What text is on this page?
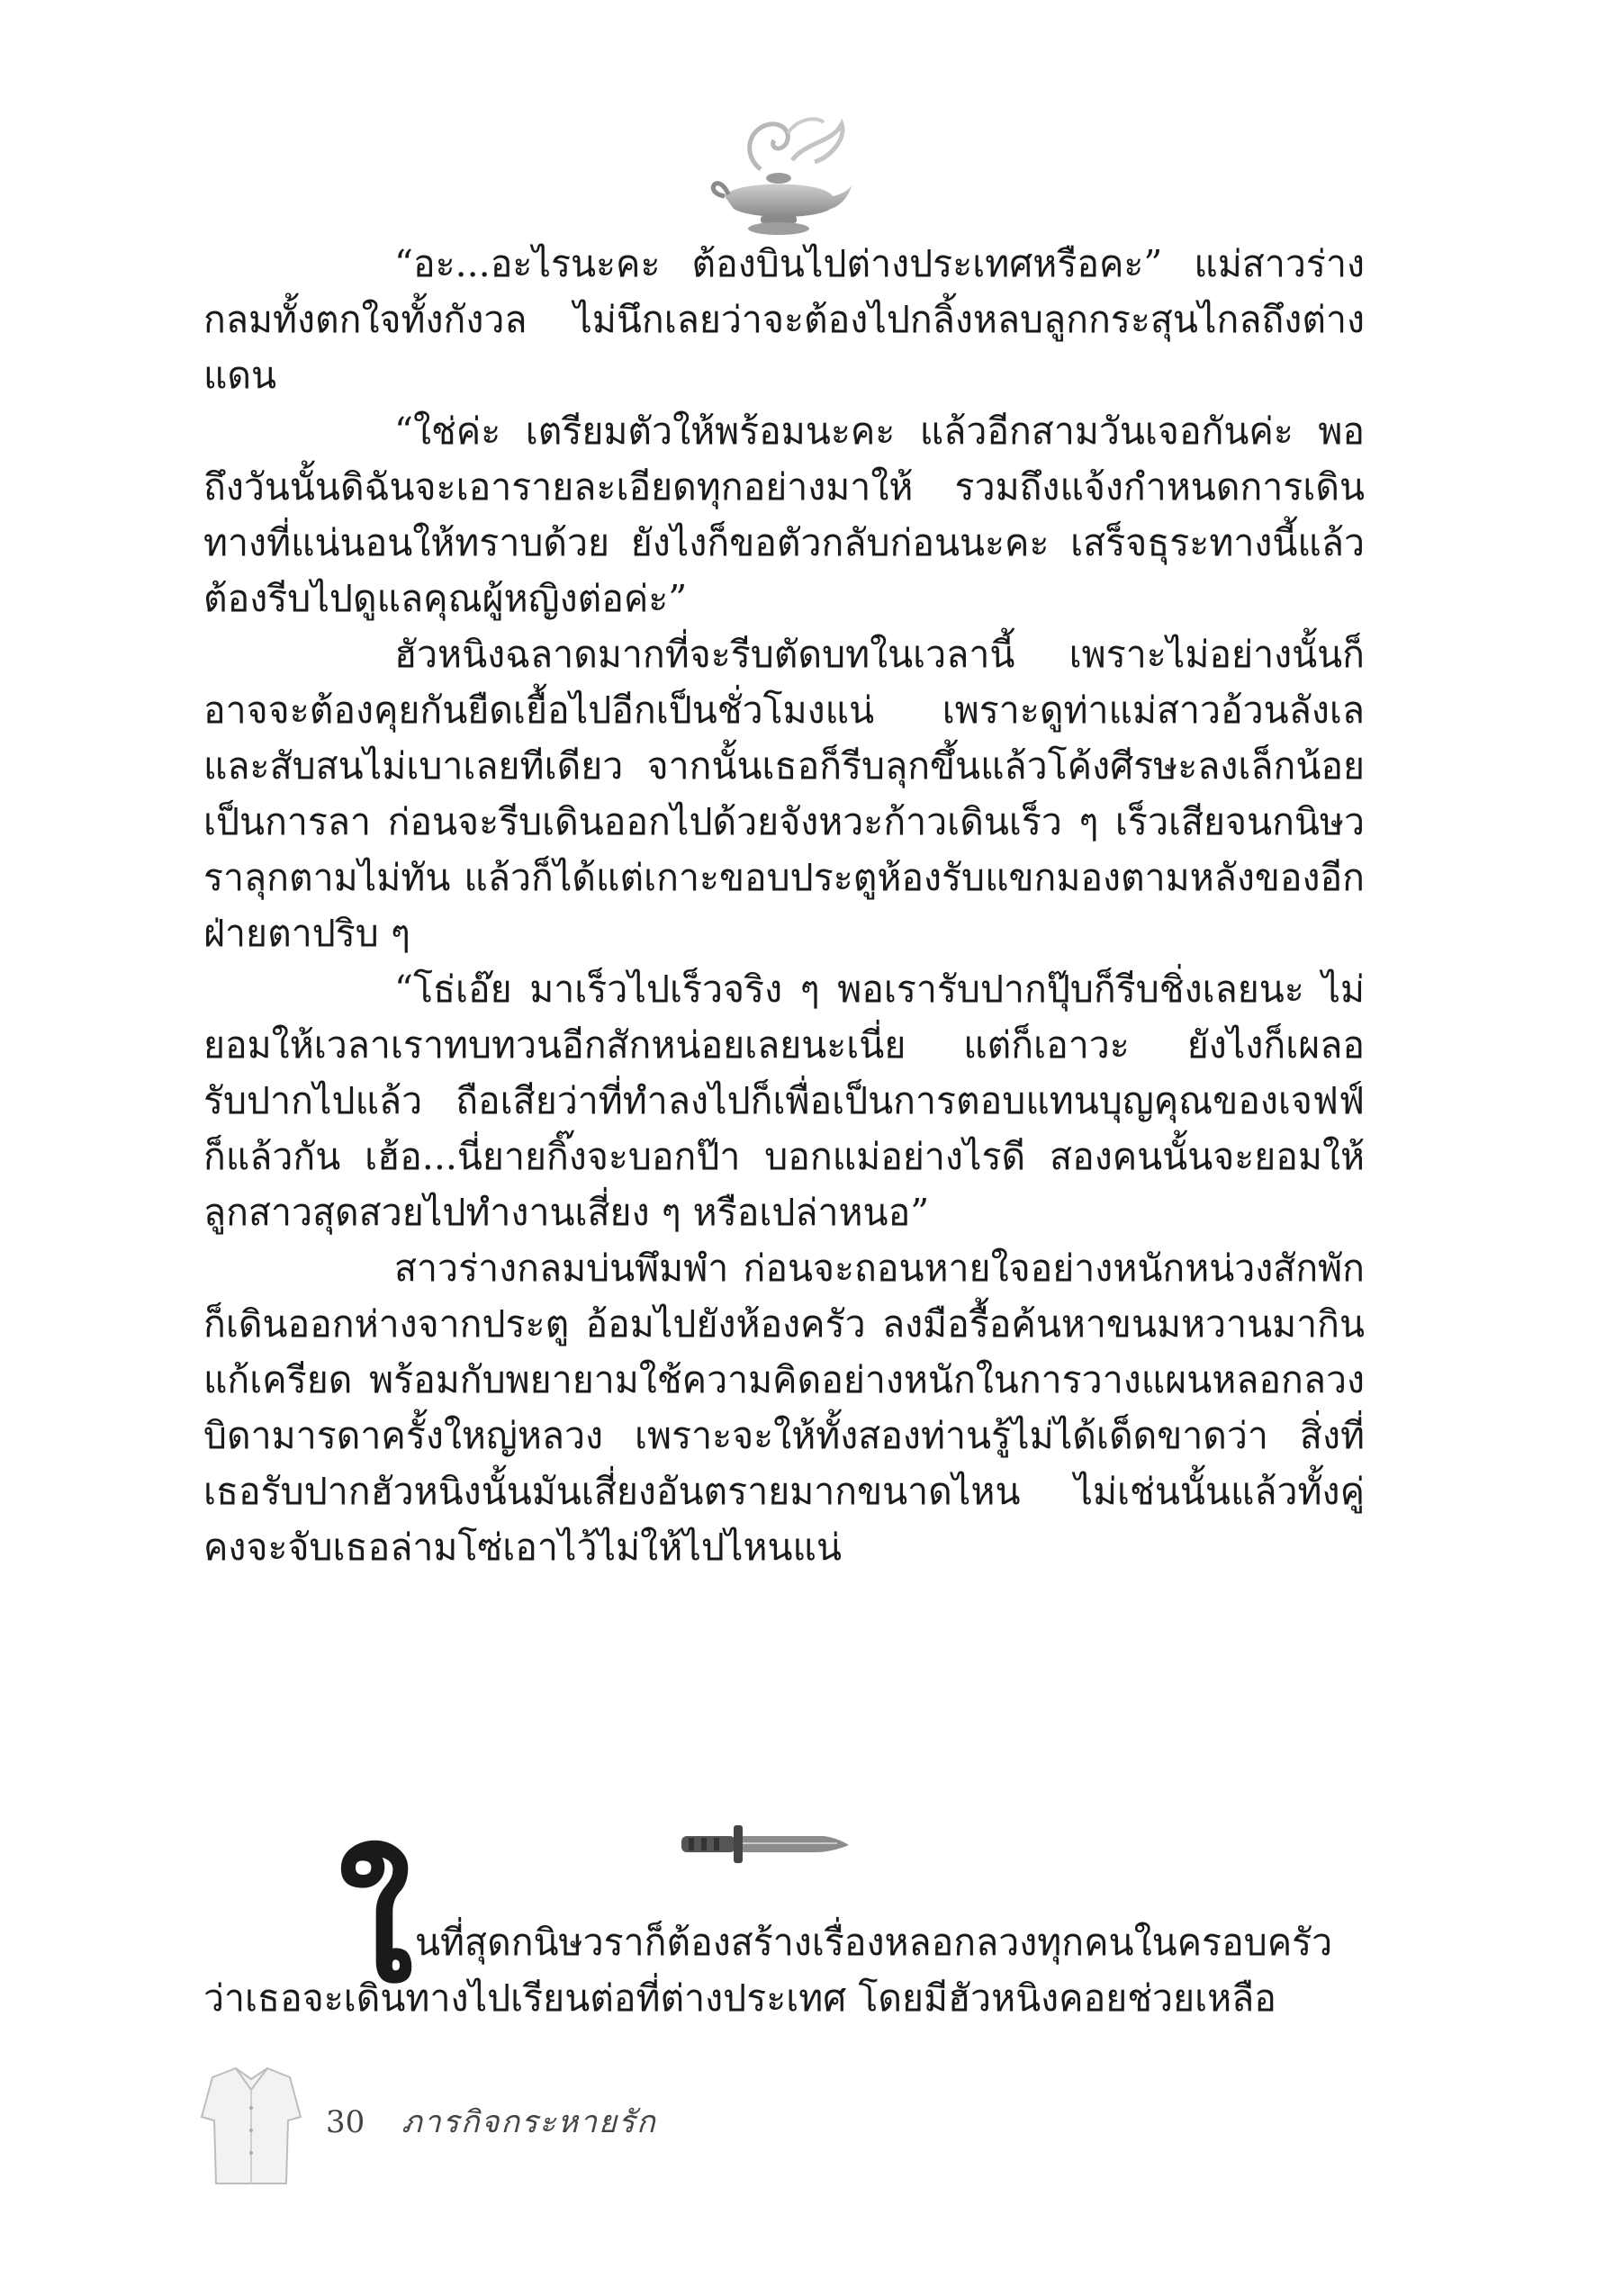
“อะ...อะไรนะคะ ต้องบินไปต่างประเทศหรือคะ” แม่สาวร่างกลมทั้งตกใจทั้งกังวล ไม่นึกเลยว่าจะต้องไปกลิ้งหลบลูกกระสุนไกลถึงต่างแดน

“ใช่ค่ะ เตรียมตัวให้พร้อมนะคะ แล้วอีกสามวันเจอกันค่ะ พอถึงวันนั้นดิฉันจะเอารายละเอียดทุกอย่างมาให้ รวมถึงแจ้งกำหนดการเดินทางที่แน่นอนให้ทราบด้วย ยังไงก็ขอตัวกลับก่อนนะคะ เสร็จธุระทางนี้แล้ว ต้องรีบไปดูแลคุณผู้หญิงต่อค่ะ”

ฮัวหนิงฉลาดมากที่จะรีบตัดบทในเวลานี้ เพราะไม่อย่างนั้นก็อาจจะต้องคุยกันยืดเยื้อไปอีกเป็นชั่วโมงแน่ เพราะดูท่าแม่สาวอ้วนลังเลและสับสนไม่เบาเลยทีเดียว จากนั้นเธอก็รีบลุกขึ้นแล้วโค้งศีรษะลงเล็กน้อยเป็นการลา ก่อนจะรีบเดินออกไปด้วยจังหวะก้าวเดินเร็ว ๆ เร็วเสียจนกนิษวราลุกตามไม่ทัน แล้วก็ได้แต่เกาะขอบประตูห้องรับแขกมองตามหลังของอีกฝ่ายตาปริบ ๆ

“โธ่เอ๊ย มาเร็วไปเร็วจริง ๆ พอเรารับปากปุ๊บก็รีบชิ่งเลยนะ ไม่ยอมให้เวลาเราทบทวนอีกสักหน่อยเลยนะเนี่ย แต่ก็เอาวะ ยังไงก็เผลอรับปากไปแล้ว ถือเสียว่าที่ทำลงไปก็เพื่อเป็นการตอบแทนบุญคุณของเจฟฟ์ก็แล้วกัน เฮ้อ...นี่ยายกิ๊งจะบอกป๊า บอกแม่อย่างไรดี สองคนนั้นจะยอมให้ลูกสาวสุดสวยไปทำงานเสี่ยง ๆ หรือเปล่าหนอ”

สาวร่างกลมบ่นพึมพำ ก่อนจะถอนหายใจอย่างหนักหน่วงสักพักก็เดินออกห่างจากประตู อ้อมไปยังห้องครัว ลงมือรื้อค้นหาขนมหวานมากินแก้เครียด พร้อมกับพยายามใช้ความคิดอย่างหนักในการวางแผนหลอกลวงบิดามารดาครั้งใหญ่หลวง เพราะจะให้ทั้งสองท่านรู้ไม่ได้เด็ดขาดว่า สิ่งที่เธอรับปากฮัวหนิงนั้นมันเสี่ยงอันตรายมากขนาดไหน ไม่เช่นนั้นแล้วทั้งคู่คงจะจับเธอล่ามโซ่เอาไว้ไม่ให้ไปไหนแน่

ใ นที่สุดกนิษวราก็ต้องสร้างเรื่องหลอกลวงทุกคนในครอบครัว
ว่าเธอจะเดินทางไปเรียนต่อที่ต่างประเทศ โดยมีฮัวหนิงคอยช่วยเหลือ

30 ภารกิจกระหายรัก
